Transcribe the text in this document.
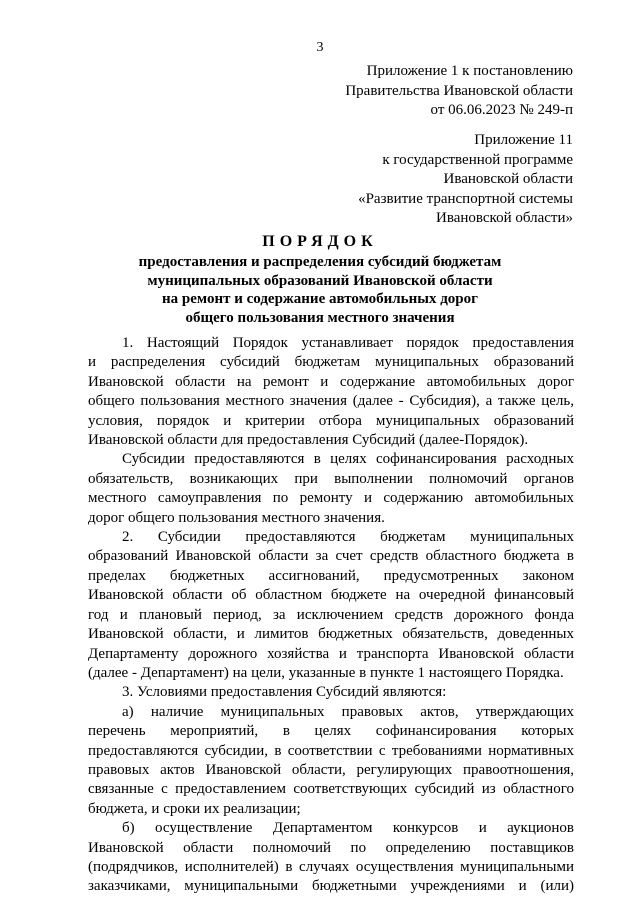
3
Приложение 1 к постановлению
Правительства Ивановской области
от 06.06.2023 № 249-п
Приложение 11
к государственной программе
Ивановской области
«Развитие транспортной системы
Ивановской области»
ПОРЯДОК
предоставления и распределения субсидий бюджетам
муниципальных образований Ивановской области
на ремонт и содержание автомобильных дорог
общего пользования местного значения
1. Настоящий Порядок устанавливает порядок предоставления
и распределения субсидий бюджетам муниципальных образований
Ивановской области на ремонт и содержание автомобильных дорог
общего пользования местного значения (далее - Субсидия), а также цель,
условия, порядок и критерии отбора муниципальных образований
Ивановской области для предоставления Субсидий (далее-Порядок).
Субсидии предоставляются в целях софинансирования расходных
обязательств, возникающих при выполнении полномочий органов
местного самоуправления по ремонту и содержанию автомобильных
дорог общего пользования местного значения.
2. Субсидии предоставляются бюджетам муниципальных
образований Ивановской области за счет средств областного бюджета в
пределах бюджетных ассигнований, предусмотренных законом
Ивановской области об областном бюджете на очередной финансовый
год и плановый период, за исключением средств дорожного фонда
Ивановской области, и лимитов бюджетных обязательств, доведенных
Департаменту дорожного хозяйства и транспорта Ивановской области
(далее - Департамент) на цели, указанные в пункте 1 настоящего Порядка.
3. Условиями предоставления Субсидий являются:
а) наличие муниципальных правовых актов, утверждающих
перечень мероприятий, в целях софинансирования которых
предоставляются субсидии, в соответствии с требованиями нормативных
правовых актов Ивановской области, регулирующих правоотношения,
связанные с предоставлением соответствующих субсидий из областного
бюджета, и сроки их реализации;
б) осуществление Департаментом конкурсов и аукционов
Ивановской области полномочий по определению поставщиков
(подрядчиков, исполнителей) в случаях осуществления муниципальными
заказчиками, муниципальными бюджетными учреждениями и (или)
